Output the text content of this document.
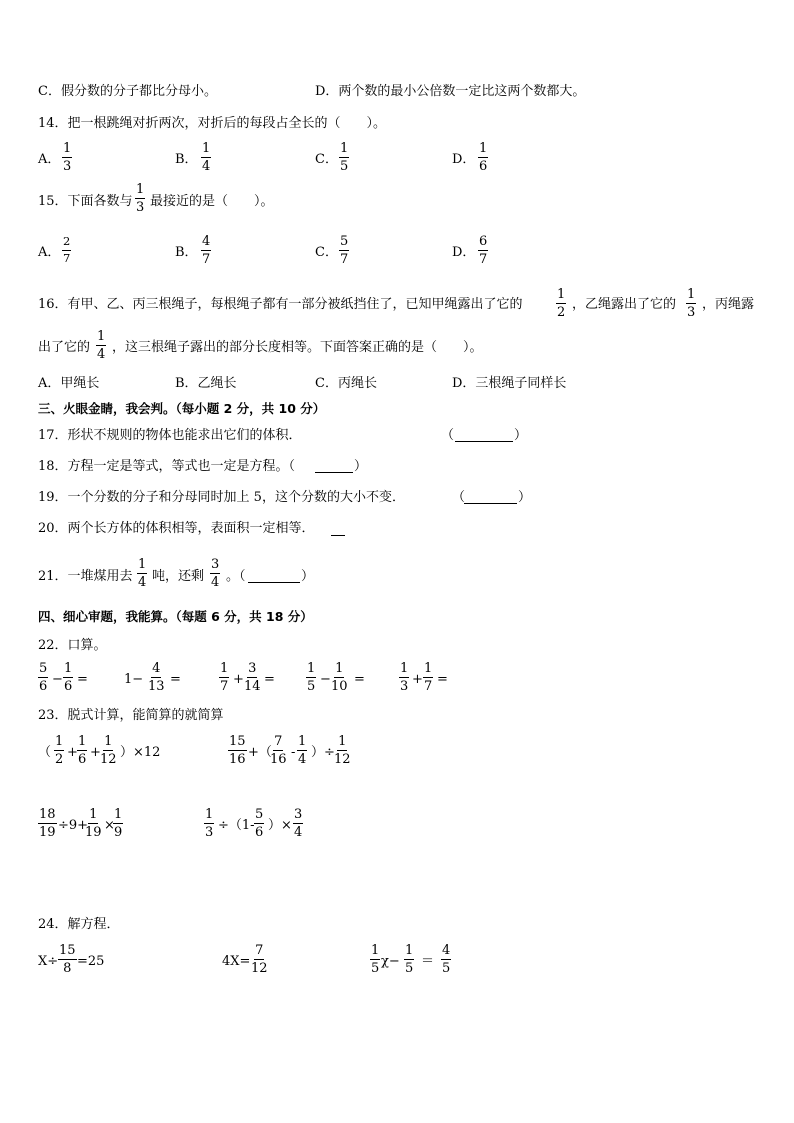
C．假分数的分子都比分母小。	D．两个数的最小公倍数一定比这两个数都大。
14．把一根跳绳对折两次，对折后的每段占全长的（　　）。
A． $\frac{1}{3}$	B． $\frac{1}{4}$	C． $\frac{1}{5}$	D． $\frac{1}{6}$
15．下面各数与 $\frac{1}{3}$ 最接近的是（　　）。
A． $\frac{2}{7}$	B． $\frac{4}{7}$	C． $\frac{5}{7}$	D． $\frac{6}{7}$
16．有甲、乙、丙三根绳子，每根绳子都有一部分被纸挡住了，已知甲绳露出了它的	$\frac{1}{2}$ ，乙绳露出了它的 $\frac{1}{3}$ ，丙绳露
出了它的 $\frac{1}{4}$ ，这三根绳子露出的部分长度相等。下面答案正确的是（　　）。
A．甲绳长	B．乙绳长	C．丙绳长	D．三根绳子同样长
三、火眼金睛，我会判。（每小题 2 分，共 10 分）
17．形状不规则的物体也能求出它们的体积．	（	）
18．方程一定是等式，等式也一定是方程。（	）
19．一个分数的分子和分母同时加上 5，这个分数的大小不变．	（	）
20．两个长方体的体积相等，表面积一定相等．
21．一堆煤用去 $\frac{1}{4}$ 吨，还剩 $\frac{3}{4}$ 。（	）
四、细心审题，我能算。（每题 6 分，共 18 分）
22．口算。
$\frac{5}{6} - \frac{1}{6}$ =	$1- \frac{4}{13}$ =	$\frac{1}{7} + \frac{3}{14} = \frac{1}{5} - \frac{1}{10}$ =	$\frac{1}{3} + \frac{1}{7}$ =
23．脱式计算，能简算的就简算
（ $\frac{1}{2} + \frac{1}{6} + \frac{1}{12} )\times 12$	$\frac{15}{16}$ +（
$\frac{7}{16} - \frac{1}{4}$ ）÷ $\frac{1}{12}$
$\frac{18}{19} \div 9+$
$\frac{1}{19}$ ×
$\frac{1}{9}$	$\frac{1}{3} \div(1- \frac{5}{6}$ ）× $\frac{3}{4}$
24．解方程．
$X\div \frac{15}{8} =25$	$4X= \frac{7}{12}$	$\frac{1}{5} \chi- \frac{1}{5} = \frac{4}{5}$
